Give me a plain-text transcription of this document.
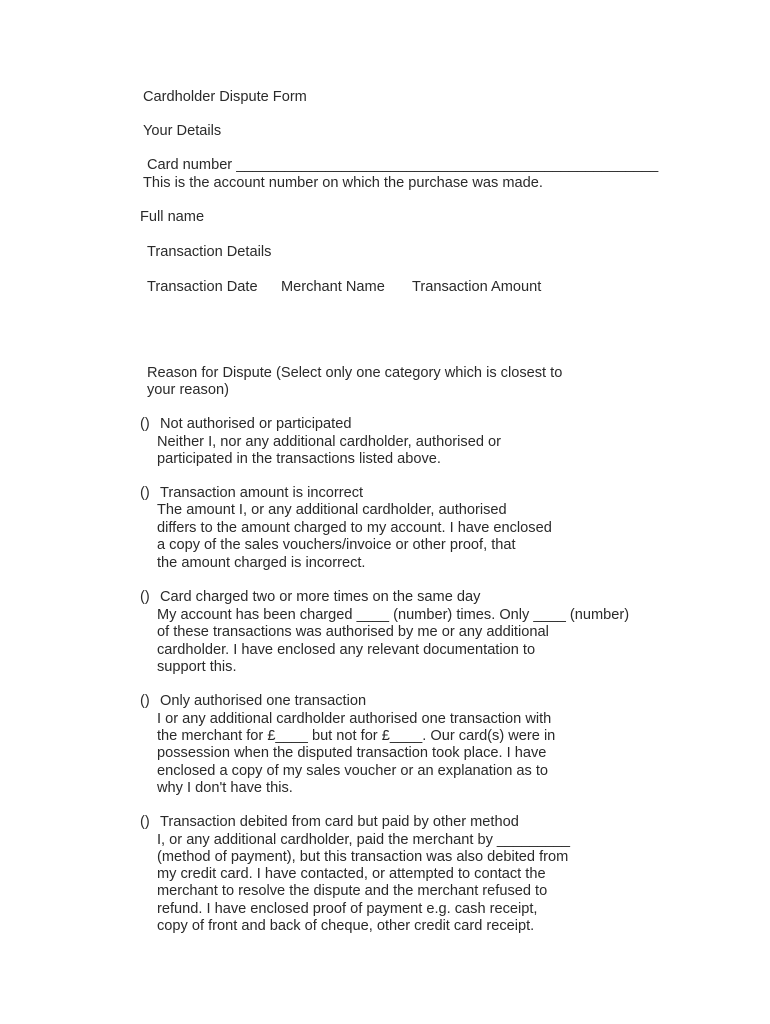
Cardholder Dispute Form
Your Details
Card number ____________________________________________________
This is the account number on which the purchase was made.
Full name
Transaction Details
Transaction Date Merchant Name Transaction Amount
Reason for Dispute (Select only one category which is closest to
your reason)
() Not authorised or participated
Neither I, nor any additional cardholder, authorised or
participated in the transactions listed above.
() Transaction amount is incorrect
The amount I, or any additional cardholder, authorised
differs to the amount charged to my account. I have enclosed
a copy of the sales vouchers/invoice or other proof, that
the amount charged is incorrect.
() Card charged two or more times on the same day
My account has been charged ____ (number) times. Only ____ (number)
of these transactions was authorised by me or any additional
cardholder. I have enclosed any relevant documentation to
support this.
() Only authorised one transaction
I or any additional cardholder authorised one transaction with
the merchant for £____ but not for £____. Our card(s) were in
possession when the disputed transaction took place. I have
enclosed a copy of my sales voucher or an explanation as to
why I don't have this.
() Transaction debited from card but paid by other method
I, or any additional cardholder, paid the merchant by _________
(method of payment), but this transaction was also debited from
my credit card. I have contacted, or attempted to contact the
merchant to resolve the dispute and the merchant refused to
refund. I have enclosed proof of payment e.g. cash receipt,
copy of front and back of cheque, other credit card receipt.
